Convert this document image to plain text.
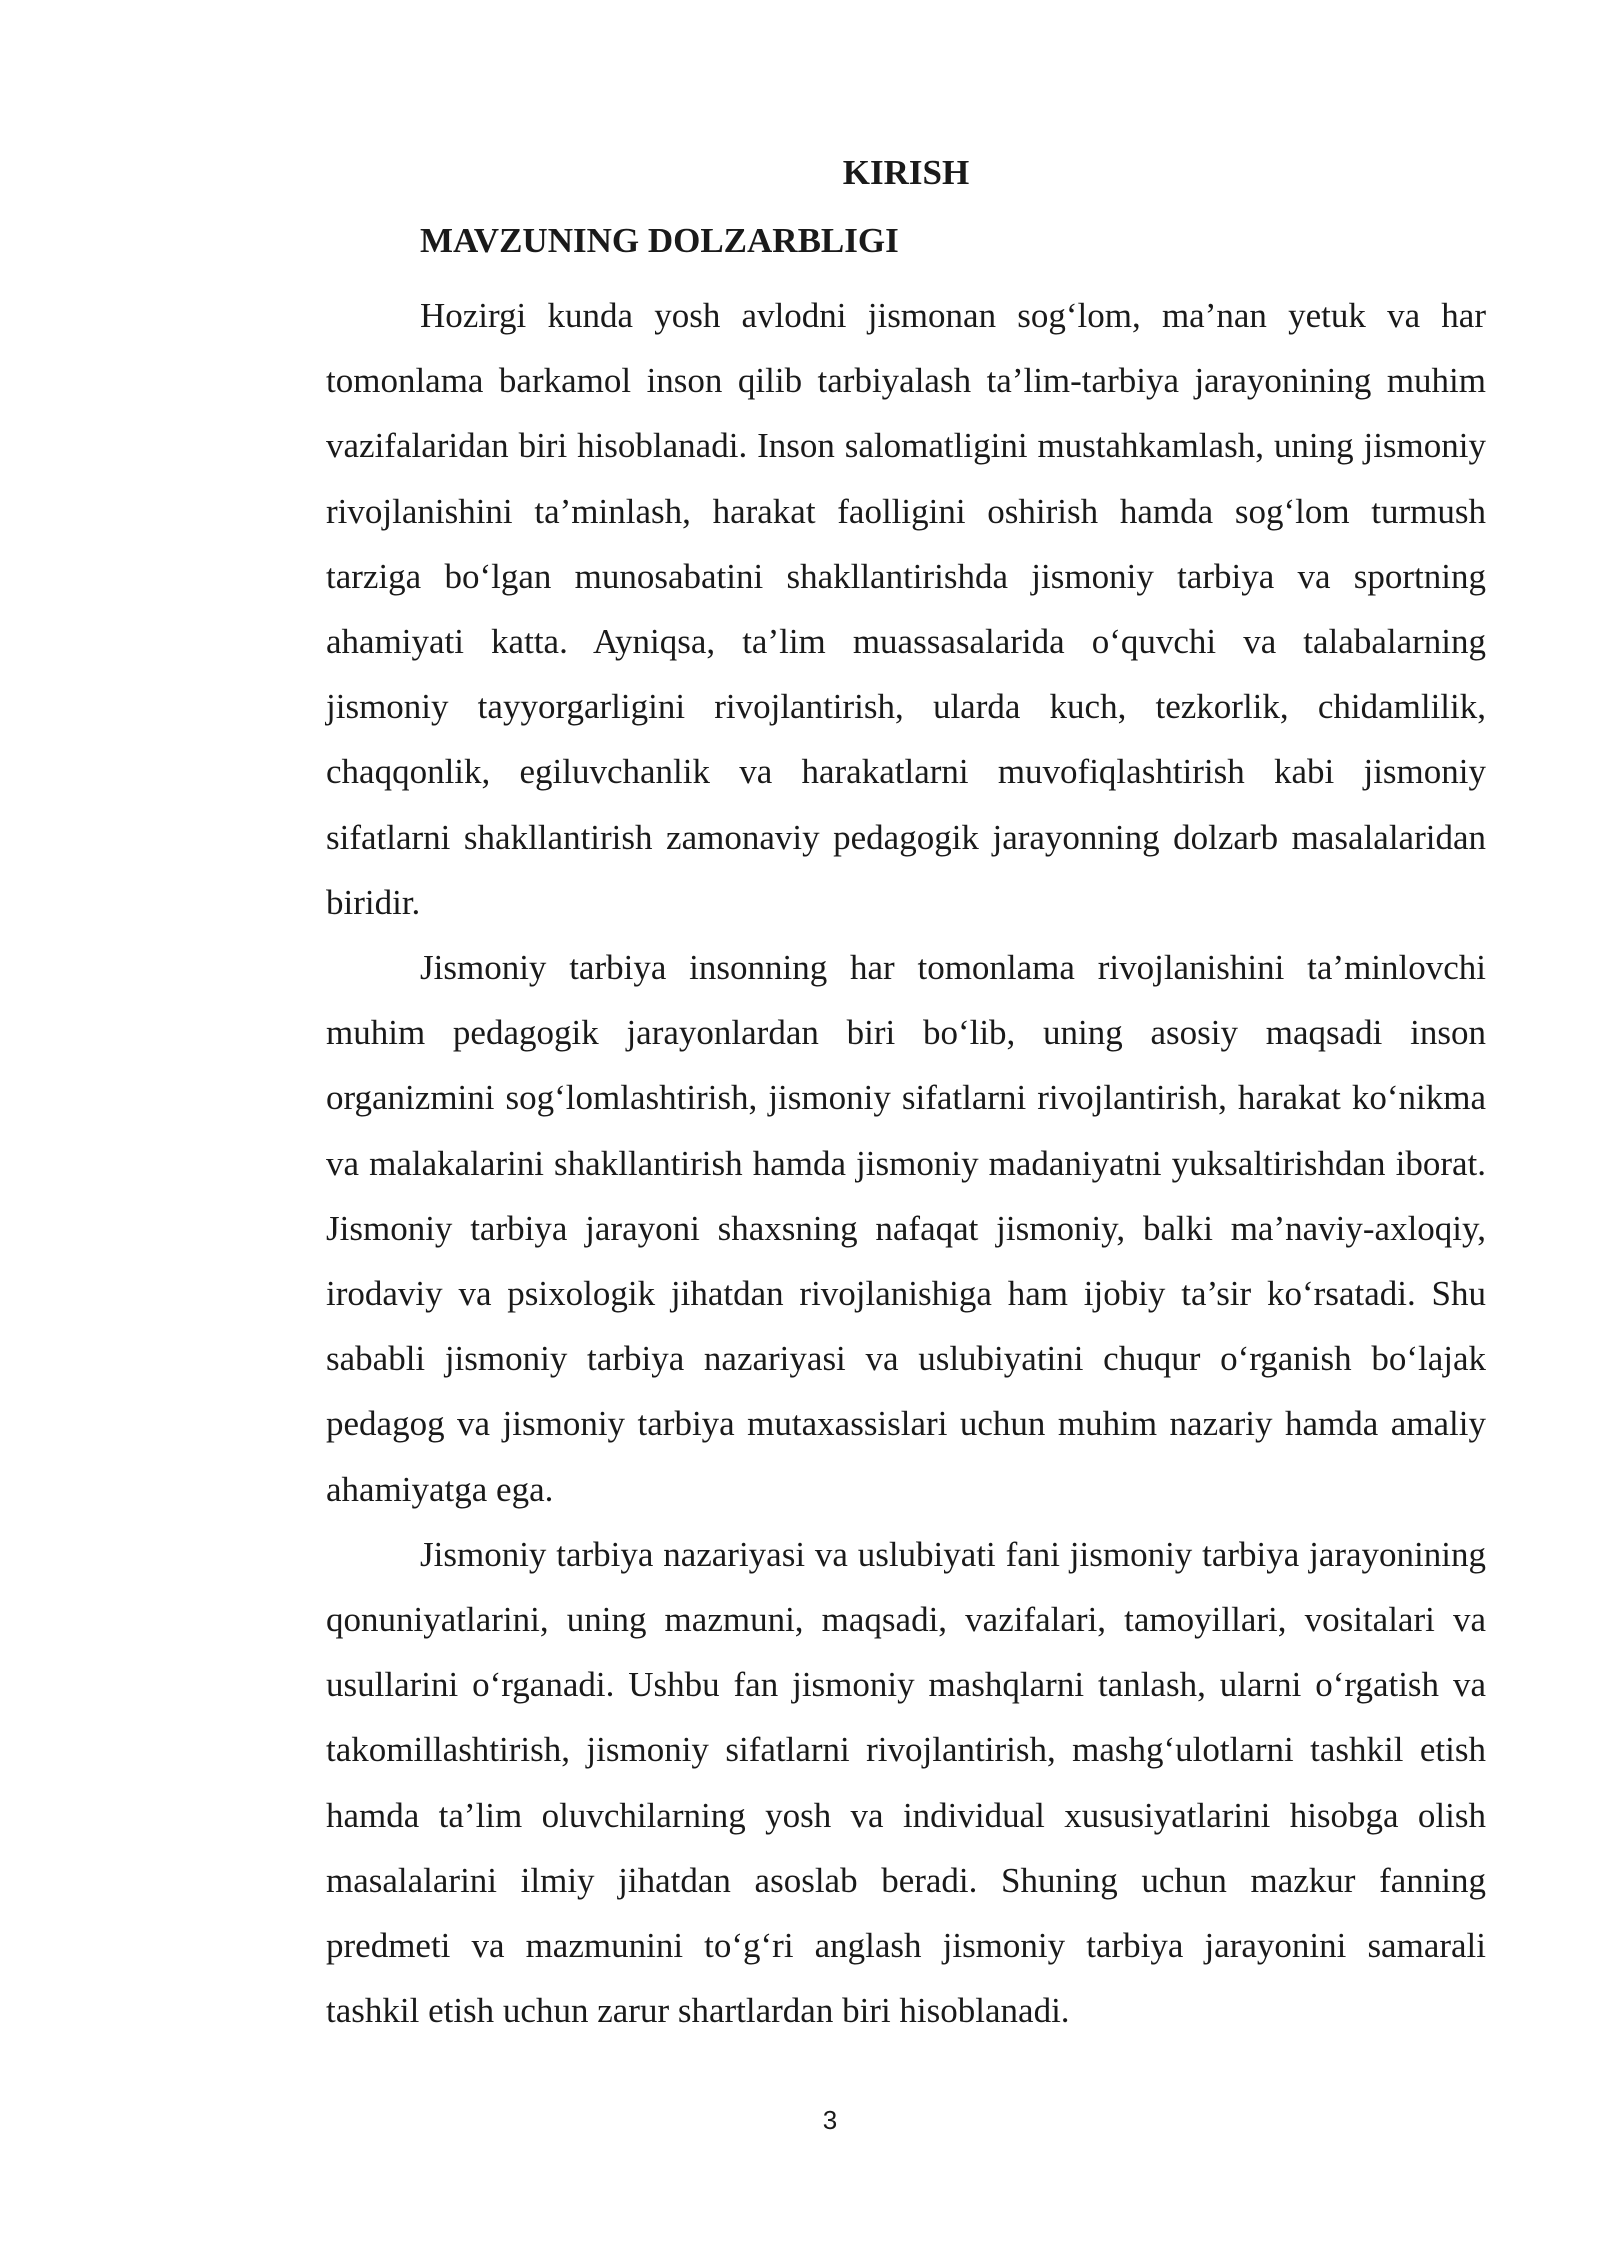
KIRISH
MAVZUNING DOLZARBLIGI

Hozirgi kunda yosh avlodni jismonan sog‘lom, ma’nan yetuk va har tomonlama barkamol inson qilib tarbiyalash ta’lim-tarbiya jarayonining muhim vazifalaridan biri hisoblanadi. Inson salomatligini mustahkamlash, uning jismoniy rivojlanishini ta’minlash, harakat faolligini oshirish hamda sog‘lom turmush tarziga bo‘lgan munosabatini shakllantirishda jismoniy tarbiya va sportning ahamiyati katta. Ayniqsa, ta’lim muassasalarida o‘quvchi va talabalarning jismoniy tayyorgarligini rivojlantirish, ularda kuch, tezkorlik, chidamlilik, chaqqonlik, egiluvchanlik va harakatlarni muvofiqlashtirish kabi jismoniy sifatlarni shakllantirish zamonaviy pedagogik jarayonning dolzarb masalalaridan biridir.

Jismoniy tarbiya insonning har tomonlama rivojlanishini ta’minlovchi muhim pedagogik jarayonlardan biri bo‘lib, uning asosiy maqsadi inson organizmini sog‘lomlashtirish, jismoniy sifatlarni rivojlantirish, harakat ko‘nikma va malakalarini shakllantirish hamda jismoniy madaniyatni yuksaltirishdan iborat. Jismoniy tarbiya jarayoni shaxsning nafaqat jismoniy, balki ma’naviy-axloqiy, irodaviy va psixologik jihatdan rivojlanishiga ham ijobiy ta’sir ko‘rsatadi. Shu sababli jismoniy tarbiya nazariyasi va uslubiyatini chuqur o‘rganish bo‘lajak pedagog va jismoniy tarbiya mutaxassislari uchun muhim nazariy hamda amaliy ahamiyatga ega.

Jismoniy tarbiya nazariyasi va uslubiyati fani jismoniy tarbiya jarayonining qonuniyatlarini, uning mazmuni, maqsadi, vazifalari, tamoyillari, vositalari va usullarini o‘rganadi. Ushbu fan jismoniy mashqlarni tanlash, ularni o‘rgatish va takomillashtirish, jismoniy sifatlarni rivojlantirish, mashg‘ulotlarni tashkil etish hamda ta’lim oluvchilarning yosh va individual xususiyatlarini hisobga olish masalalarini ilmiy jihatdan asoslab beradi. Shuning uchun mazkur fanning predmeti va mazmunini to‘g‘ri anglash jismoniy tarbiya jarayonini samarali tashkil etish uchun zarur shartlardan biri hisoblanadi.

3
